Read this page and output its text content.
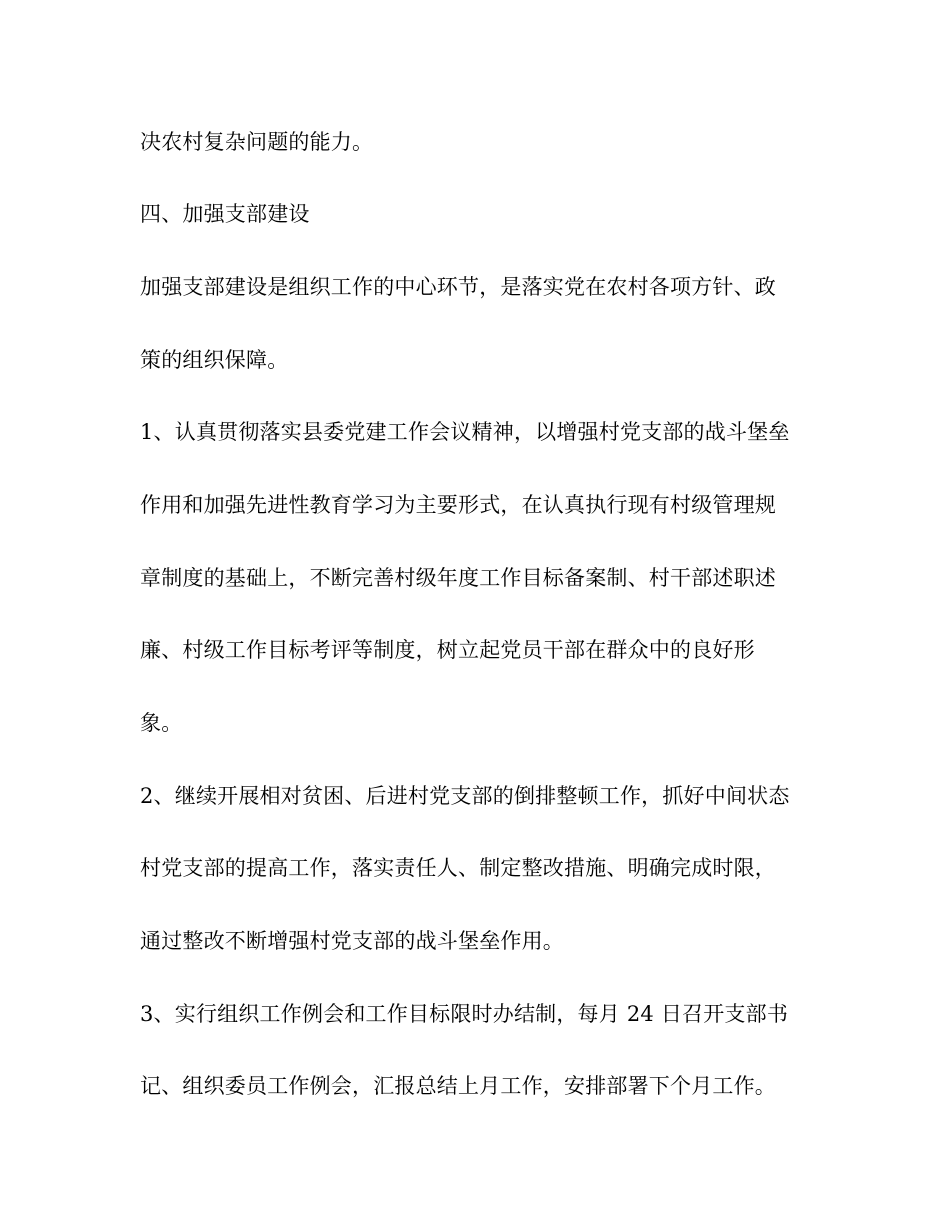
决农村复杂问题的能力。
四、加强支部建设
加强支部建设是组织工作的中心环节，是落实党在农村各项方针、政
策的组织保障。
1、认真贯彻落实县委党建工作会议精神，以增强村党支部的战斗堡垒
作用和加强先进性教育学习为主要形式，在认真执行现有村级管理规
章制度的基础上，不断完善村级年度工作目标备案制、村干部述职述
廉、村级工作目标考评等制度，树立起党员干部在群众中的良好形
象。
2、继续开展相对贫困、后进村党支部的倒排整顿工作，抓好中间状态
村党支部的提高工作，落实责任人、制定整改措施、明确完成时限，
通过整改不断增强村党支部的战斗堡垒作用。
3、实行组织工作例会和工作目标限时办结制，每月 24 日召开支部书
记、组织委员工作例会，汇报总结上月工作，安排部署下个月工作。
